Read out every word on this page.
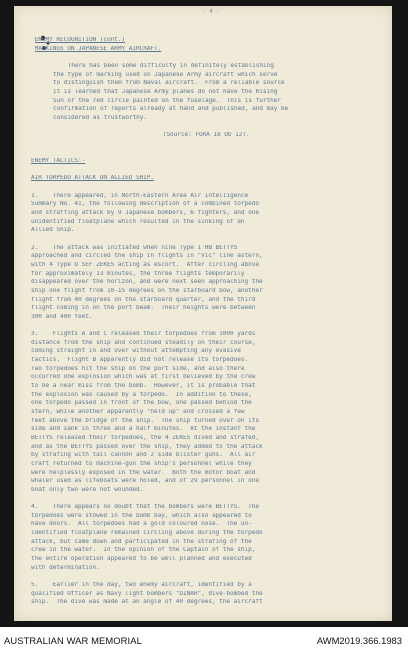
- 4 -
ENEMY RECOGNITION (cont.)
MARKINGS ON JAPANESE ARMY AIRCRAFT.
There has been some difficulty in definitely establishing
the type of marking used on Japanese Army aircraft which serve
to distinguish them from Naval aircraft.  From a reliable source
it is learned that Japanese Army planes do not have the Rising
Sun or the red circle painted on the fuselage.  This is further
confirmation of reports already at hand and published, and may be
considered as trustworthy.
(Source: FORA 18 Ob 12).
ENEMY TACTICS:-
AIR TORPEDO ATTACK ON ALLIED SHIP.
1.    There appeared, in North-Eastern Area Air Intelligence
Summary No. 41, the following description of a combined torpedo
and straffing attack by 9 Japanese bombers, 6 fighters, and one
unidentified floatplane which resulted in the sinking of an
Allied Ship.
2.    The attack was initiated when nine Type 1 HB BETTYS
approached and circled the ship in flights in "Vic" line astern,
with 4 Type O SEF ZEKES acting as escort.  After circling above
for approximately 13 minutes, the three flights temporarily
disappeared over the horizon, and were next seen approaching the
ship one flight from 10-15 degrees on the starboard bow, another
flight from 40 degrees on the starboard quarter, and the third
flight coming in on the port beam.  Their heights were between
300 and 400 feet.
3.    Flights A and C released their torpedoes from 1000 yards
distance from the ship and continued steadily on their course,
coming straight in and over without attempting any evasive
tactics.  Flight B apparently did not release its torpedoes.
Two torpedoes hit the ship on the port side, and also there
occurred one explosion which was at first believed by the crew
to be a near miss from the bomb.  However, it is probable that
the explosion was caused by a torpedo.  In addition to these,
one torpedo passed in front of the bow, one passed behind the
stern, while another apparently "held up" and crossed a few
feet above the bridge of the ship.  The ship turned over on its
side and sank in three and a half minutes.  At the instant the
BETTYS released their torpedoes, the 4 ZEKES dived and strafed,
and as the BETTYS passed over the ship, they added to the attack
by strafing with tail cannon and 2 side blister guns.  All air
craft returned to machine-gun the ship's personnel while they
were helplessly exposed in the water.  Both the motor boat and
whaler used as lifeboats were holed, and of 29 personnel in one
boat only two were not wounded.
4.    There appears no doubt that the bombers were BETTYS.  The
torpedoes were stowed in the bomb bay, which also appeared to
have doors.  All torpedoes had a gold coloured nose.  The un-
identified floatplane remained circling above during the torpedo
attack, but came down and participated in the strafing of the
crew in the water.  In the opinion of the Captain of the ship,
the entire operation appeared to be well planned and executed
with determination.
5.    Earlier in the day, two enemy aircraft, identified by a
qualified Officer as Navy light bombers "DINAH", dive-bombed the
ship.  The dive was made at an angle of 40 degrees, the aircraft
AUSTRALIAN WAR MEMORIAL	AWM2019.366.1983
